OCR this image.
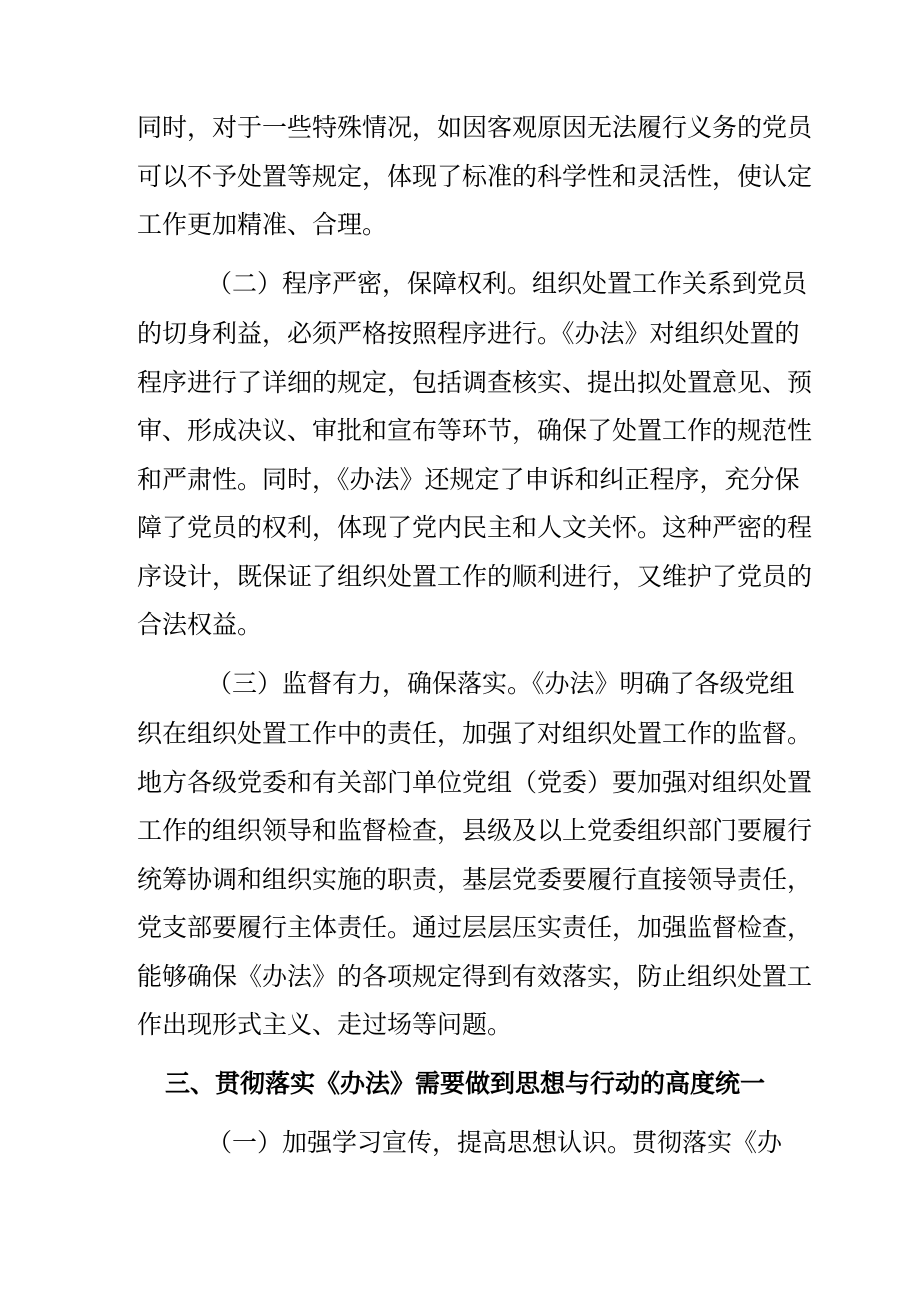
同时，对于一些特殊情况，如因客观原因无法履行义务的党员
可以不予处置等规定，体现了标准的科学性和灵活性，使认定
工作更加精准、合理。
（二）程序严密，保障权利。组织处置工作关系到党员
的切身利益，必须严格按照程序进行。《办法》对组织处置的
程序进行了详细的规定，包括调查核实、提出拟处置意见、预
审、形成决议、审批和宣布等环节，确保了处置工作的规范性
和严肃性。同时，《办法》还规定了申诉和纠正程序，充分保
障了党员的权利，体现了党内民主和人文关怀。这种严密的程
序设计，既保证了组织处置工作的顺利进行，又维护了党员的
合法权益。
（三）监督有力，确保落实。《办法》明确了各级党组
织在组织处置工作中的责任，加强了对组织处置工作的监督。
地方各级党委和有关部门单位党组（党委）要加强对组织处置
工作的组织领导和监督检查，县级及以上党委组织部门要履行
统筹协调和组织实施的职责，基层党委要履行直接领导责任，
党支部要履行主体责任。通过层层压实责任，加强监督检查，
能够确保《办法》的各项规定得到有效落实，防止组织处置工
作出现形式主义、走过场等问题。
三、贯彻落实《办法》需要做到思想与行动的高度统一
（一）加强学习宣传，提高思想认识。贯彻落实《办
